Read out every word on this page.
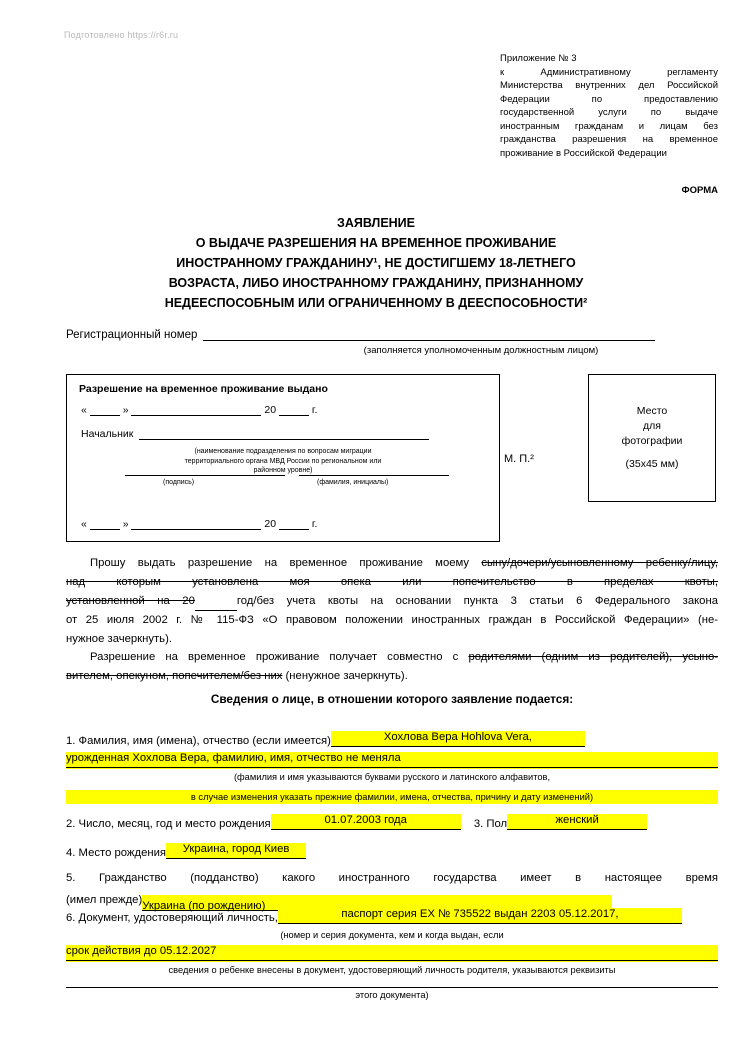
Подготовлено https://r6r.ru
Приложение № 3
к Административному регламенту
Министерства внутренних дел Российской
Федерации по предоставлению
государственной услуги по выдаче
иностранным гражданам и лицам без
гражданства разрешения на временное
проживание в Российской Федерации
ФОРМА
ЗАЯВЛЕНИЕ
О ВЫДАЧЕ РАЗРЕШЕНИЯ НА ВРЕМЕННОЕ ПРОЖИВАНИЕ
ИНОСТРАННОМУ ГРАЖДАНИНУ¹, НЕ ДОСТИГШЕМУ 18-ЛЕТНЕГО
ВОЗРАСТА, ЛИБО ИНОСТРАННОМУ ГРАЖДАНИНУ, ПРИЗНАННОМУ
НЕДЕЕСПОСОБНЫМ ИЛИ ОГРАНИЧЕННОМУ В ДЕЕСПОСОБНОСТИ²
Регистрационный номер
(заполняется уполномоченным должностным лицом)
Разрешение на временное проживание выдано
«	»	20	г.
Начальник
(наименование подразделения по вопросам миграции
территориального органа МВД России по региональном или
районном уровне)
(подпись)	(фамилия, инициалы)
«	»	20	г.
М. П.²
Место
для
фотографии
(35x45 мм)
Прошу выдать разрешение на временное проживание моему сыну/дочери/усыновленному ребенку/лицу,
над которым установлена моя опека или попечительство в пределах квоты,
установленной на 20	год/без учета квоты на основании пункта 3 статьи 6 Федерального закона
от 25 июля 2002 г. № 115-ФЗ «О правовом положении иностранных граждан в Российской Федерации» (не-
нужное зачеркнуть).
Разрешение на временное проживание получает совместно с родителями (одним из родителей), усыно-
вителем, опекуном, попечителем/без них (ненужное зачеркнуть).
Сведения о лице, в отношении которого заявление подается:
1. Фамилия, имя (имена), отчество (если имеется)	Хохлова Вера Hohlova Vera,
урожденная Хохлова Вера, фамилию, имя, отчество не меняла
(фамилия и имя указываются буквами русского и латинского алфавитов,
в случае изменения указать прежние фамилии, имена, отчества, причину и дату изменений)
2. Число, месяц, год и место рождения	01.07.2003 года	3. Пол	женский
4. Место рождения Украина, город Киев
5. Гражданство (подданство) какого иностранного государства имеет в настоящее время
(имел прежде)Украина (по рождению)
6. Документ, удостоверяющий личность,	паспорт серия ЕХ № 735522 выдан 2203 05.12.2017,
(номер и серия документа, кем и когда выдан, если
срок действия до 05.12.2027
сведения о ребенке внесены в документ, удостоверяющий личность родителя, указываются реквизиты
этого документа)
